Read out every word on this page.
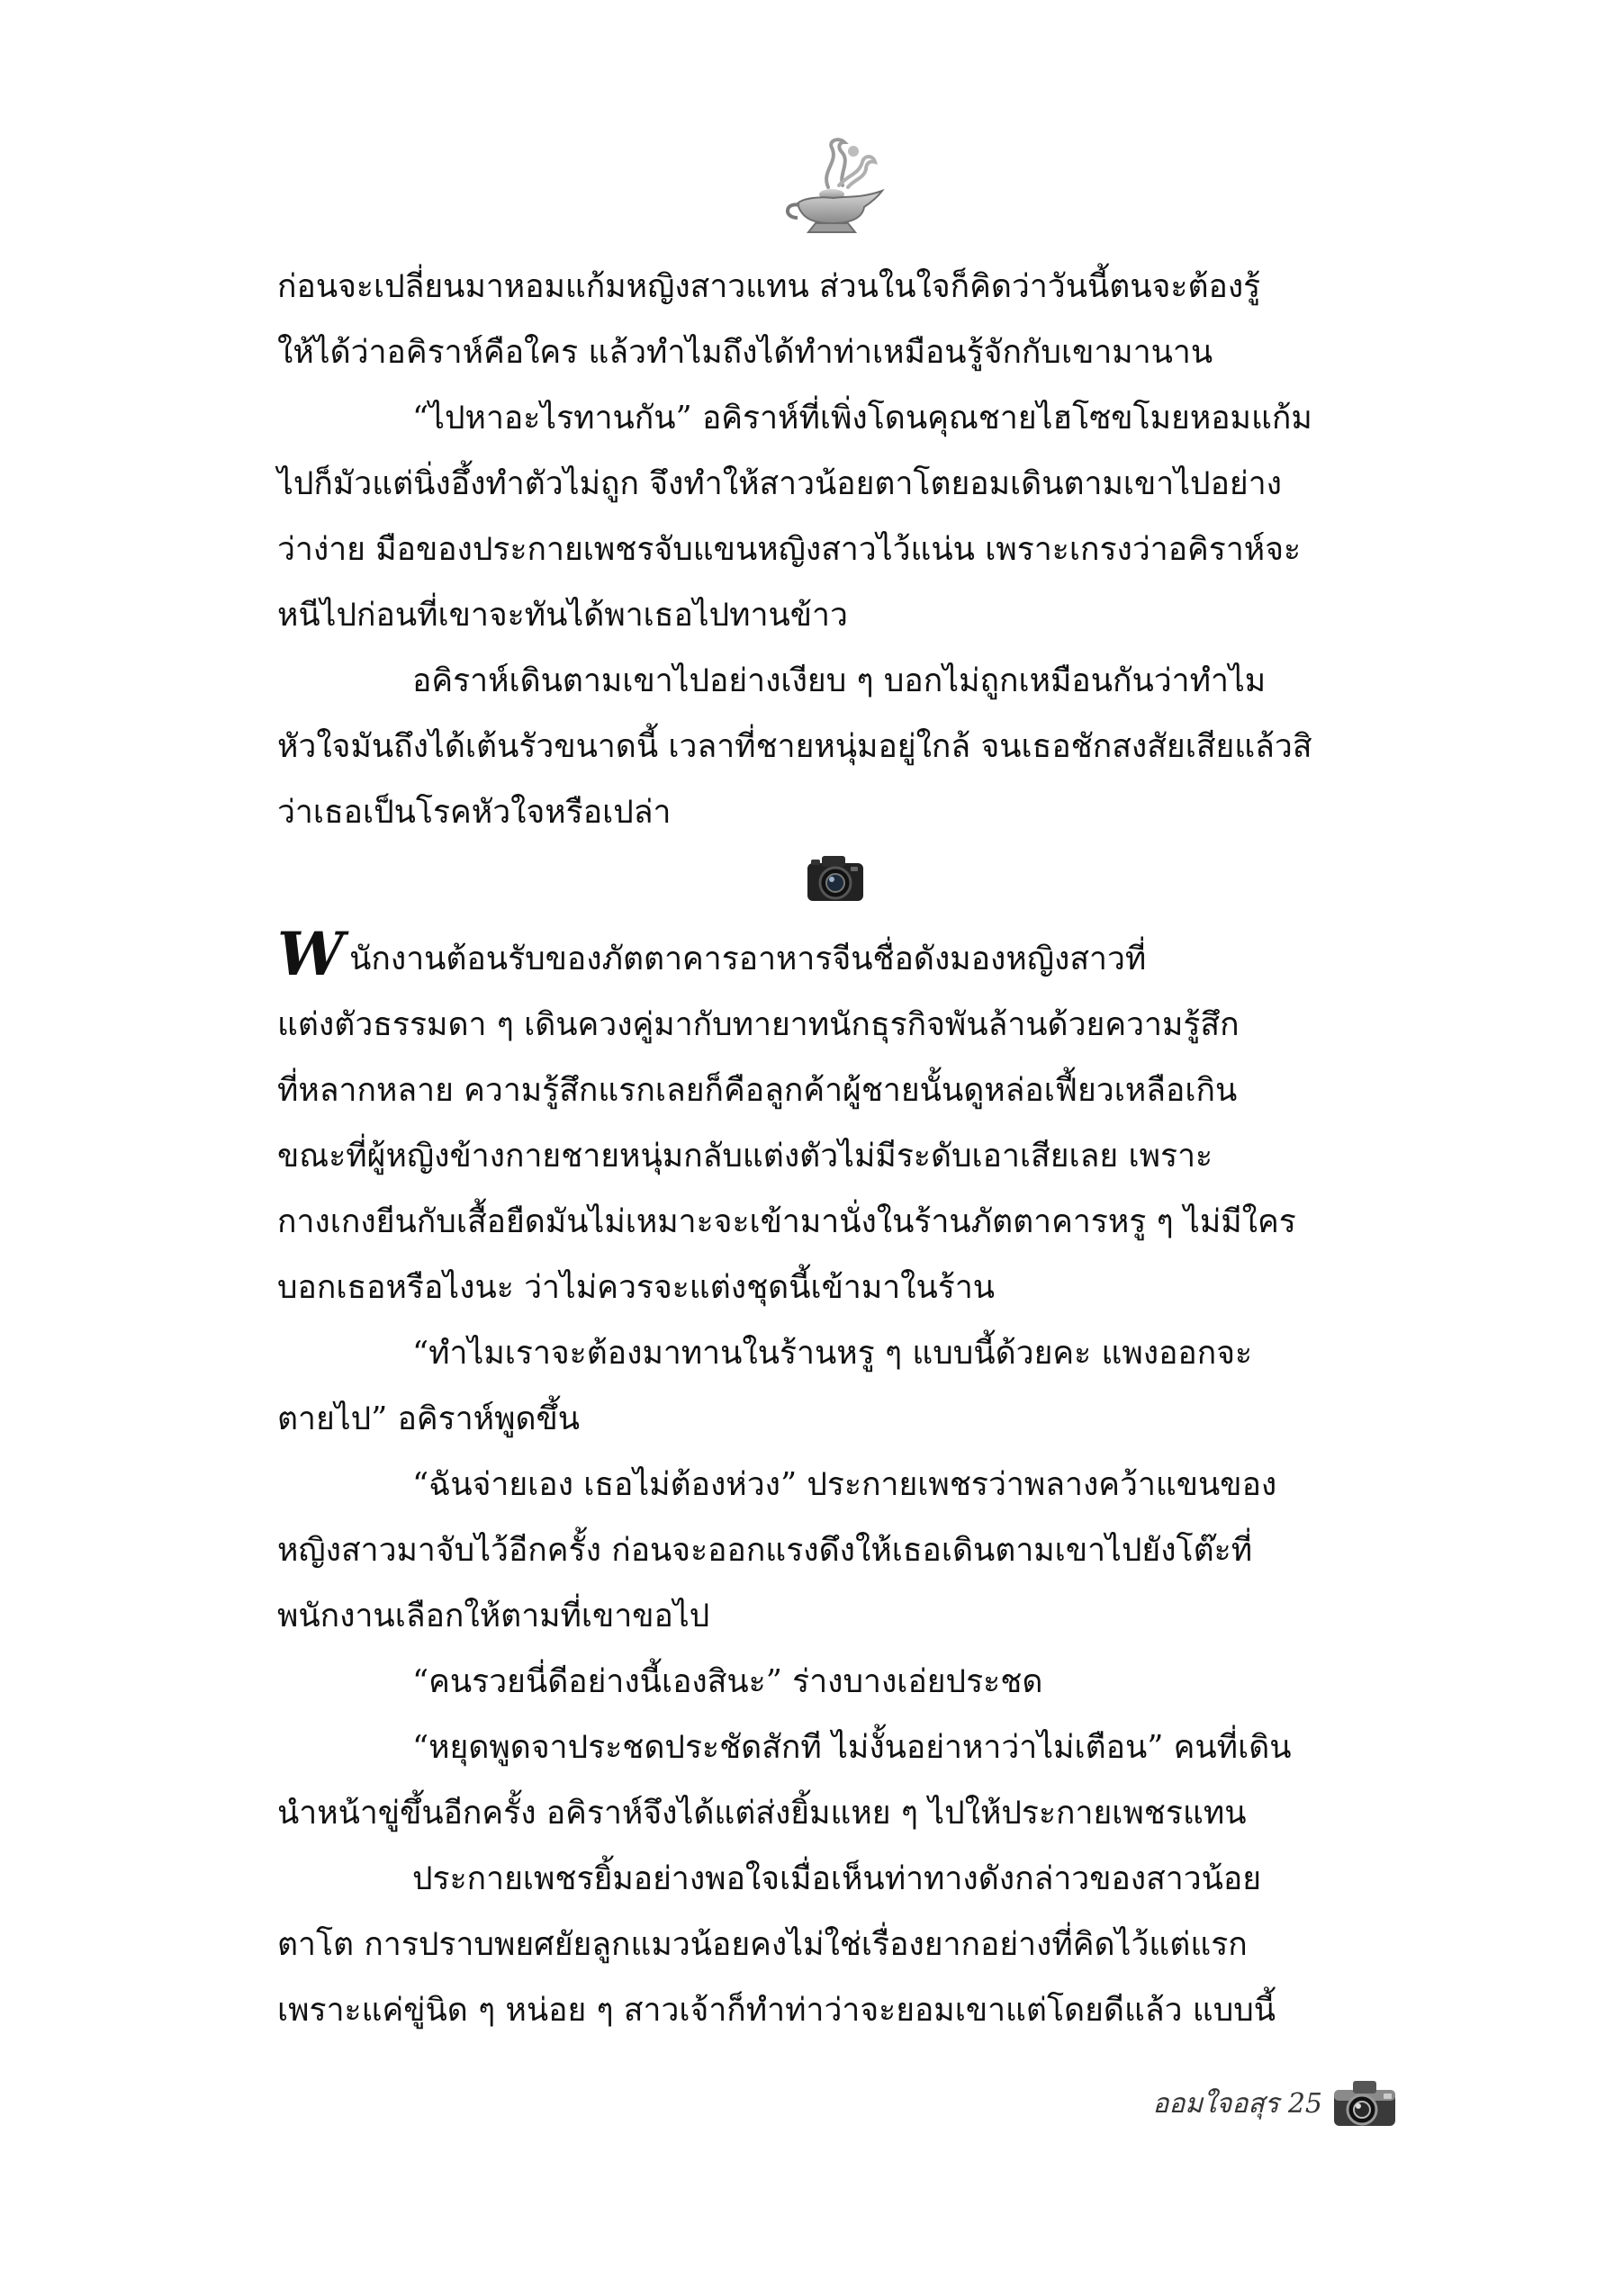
ก่อนจะเปลี่ยนมาหอมแก้มหญิงสาวแทน ส่วนในใจก็คิดว่าวันนี้ตนจะต้องรู้
ให้ได้ว่าอคิราห์คือใคร แล้วทำไมถึงได้ทำท่าเหมือนรู้จักกับเขามานาน
“ไปหาอะไรทานกัน” อคิราห์ที่เพิ่งโดนคุณชายไฮโซขโมยหอมแก้ม
ไปก็มัวแต่นิ่งอึ้งทำตัวไม่ถูก จึงทำให้สาวน้อยตาโตยอมเดินตามเขาไปอย่าง
ว่าง่าย มือของประกายเพชรจับแขนหญิงสาวไว้แน่น เพราะเกรงว่าอคิราห์จะ
หนีไปก่อนที่เขาจะทันได้พาเธอไปทานข้าว
อคิราห์เดินตามเขาไปอย่างเงียบ ๆ บอกไม่ถูกเหมือนกันว่าทำไม
หัวใจมันถึงได้เต้นรัวขนาดนี้ เวลาที่ชายหนุ่มอยู่ใกล้ จนเธอชักสงสัยเสียแล้วสิ
ว่าเธอเป็นโรคหัวใจหรือเปล่า
Wนักงานต้อนรับของภัตตาคารอาหารจีนชื่อดังมองหญิงสาวที่
แต่งตัวธรรมดา ๆ เดินควงคู่มากับทายาทนักธุรกิจพันล้านด้วยความรู้สึก
ที่หลากหลาย ความรู้สึกแรกเลยก็คือลูกค้าผู้ชายนั้นดูหล่อเฟี้ยวเหลือเกิน
ขณะที่ผู้หญิงข้างกายชายหนุ่มกลับแต่งตัวไม่มีระดับเอาเสียเลย เพราะ
กางเกงยีนกับเสื้อยืดมันไม่เหมาะจะเข้ามานั่งในร้านภัตตาคารหรู ๆ ไม่มีใคร
บอกเธอหรือไงนะ ว่าไม่ควรจะแต่งชุดนี้เข้ามาในร้าน
“ทำไมเราจะต้องมาทานในร้านหรู ๆ แบบนี้ด้วยคะ แพงออกจะ
ตายไป” อคิราห์พูดขึ้น
“ฉันจ่ายเอง เธอไม่ต้องห่วง” ประกายเพชรว่าพลางคว้าแขนของ
หญิงสาวมาจับไว้อีกครั้ง ก่อนจะออกแรงดึงให้เธอเดินตามเขาไปยังโต๊ะที่
พนักงานเลือกให้ตามที่เขาขอไป
“คนรวยนี่ดีอย่างนี้เองสินะ” ร่างบางเอ่ยประชด
“หยุดพูดจาประชดประชัดสักที ไม่งั้นอย่าหาว่าไม่เตือน” คนที่เดิน
นำหน้าขู่ขึ้นอีกครั้ง อคิราห์จึงได้แต่ส่งยิ้มแหย ๆ ไปให้ประกายเพชรแทน
ประกายเพชรยิ้มอย่างพอใจเมื่อเห็นท่าทางดังกล่าวของสาวน้อย
ตาโต การปราบพยศยัยลูกแมวน้อยคงไม่ใช่เรื่องยากอย่างที่คิดไว้แต่แรก
เพราะแค่ขู่นิด ๆ หน่อย ๆ สาวเจ้าก็ทำท่าว่าจะยอมเขาแต่โดยดีแล้ว แบบนี้
ออมใจอสุร 25
